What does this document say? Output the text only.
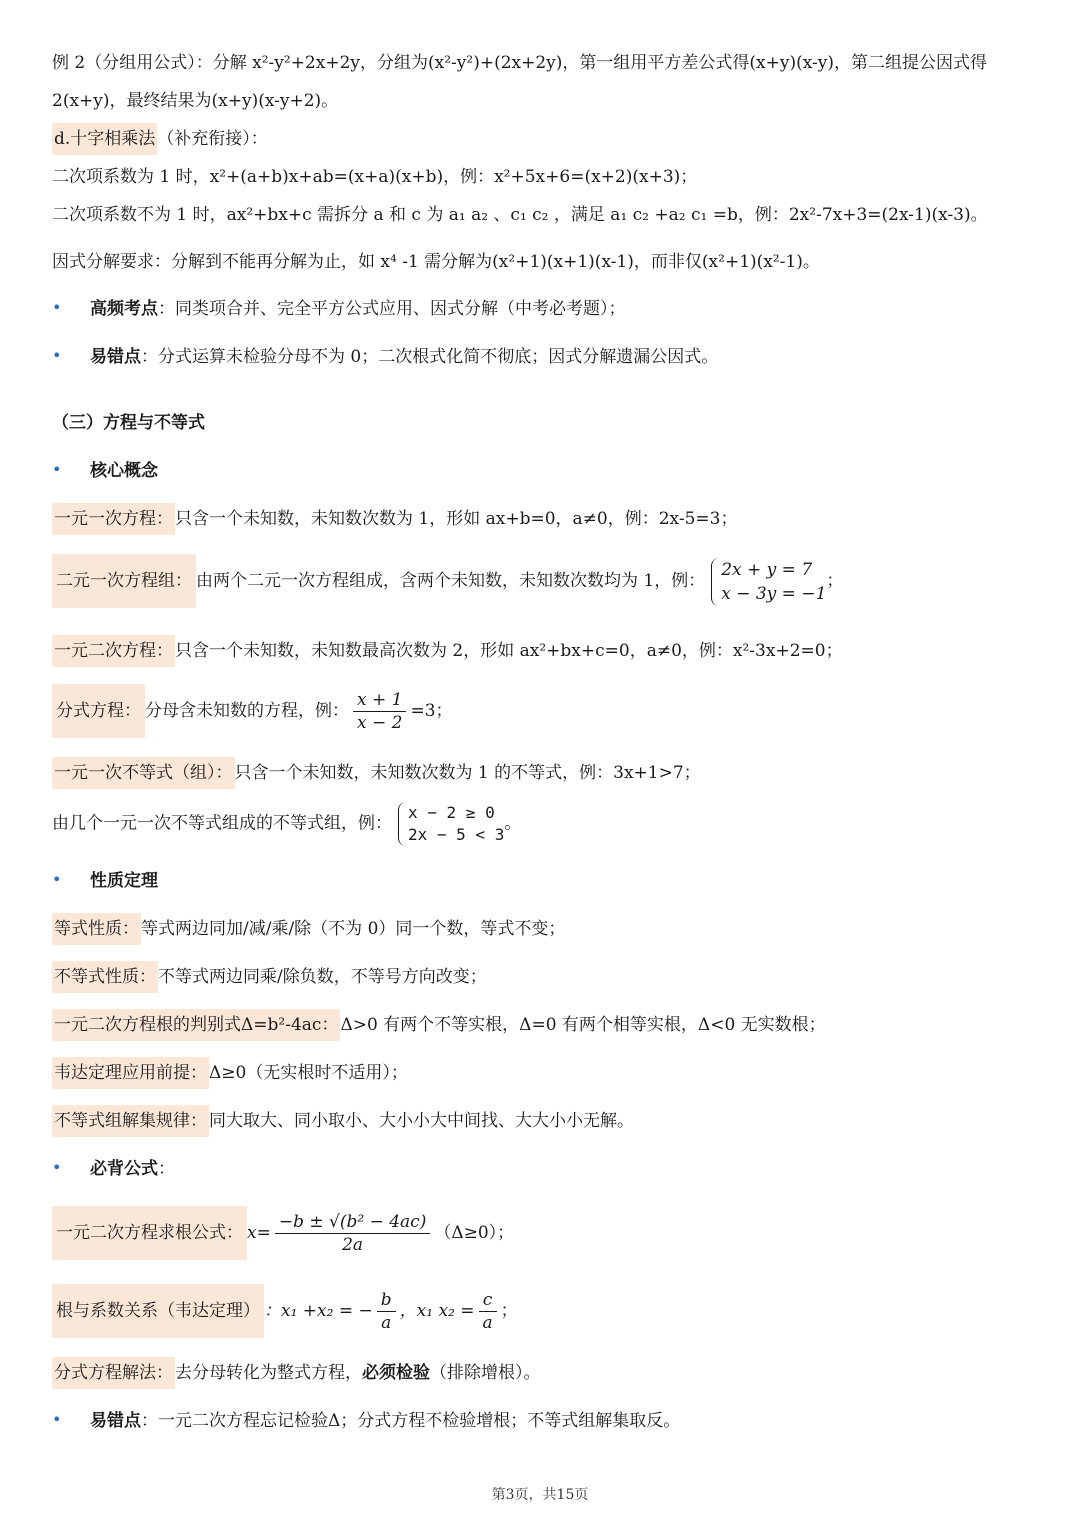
例 2（分组用公式）：分解 x²-y²+2x+2y，分组为(x²-y²)+(2x+2y)，第一组用平方差公式得(x+y)(x-y)，第二组提公因式得
2(x+y)，最终结果为(x+y)(x-y+2)。
d.十字相乘法 （补充衔接）：
二次项系数为 1 时，x²+(a+b)x+ab=(x+a)(x+b)，例：x²+5x+6=(x+2)(x+3)；
二次项系数不为 1 时，ax²+bx+c 需拆分 a 和 c 为 a₁ a₂ 、c₁ c₂ ，满足 a₁ c₂ +a₂ c₁ =b，例：2x²-7x+3=(2x-1)(x-3)。
因式分解要求：分解到不能再分解为止，如 x⁴ -1 需分解为(x²+1)(x+1)(x-1)，而非仅(x²+1)(x²-1)。
• 高频考点：同类项合并、完全平方公式应用、因式分解（中考必考题）；
• 易错点：分式运算未检验分母不为 0；二次根式化简不彻底；因式分解遗漏公因式。
（三）方程与不等式
• 核心概念
一元一次方程： 只含一个未知数，未知数次数为 1，形如 ax+b=0，a≠0，例：2x-5=3；
二元一次方程组： 由两个二元一次方程组成，含两个未知数，未知数次数均为 1，例：
2x + y = 7
x − 3y = −1
；
一元二次方程： 只含一个未知数，未知数最高次数为 2，形如 ax²+bx+c=0，a≠0，例：x²-3x+2=0；
分式方程： 分母含未知数的方程，例： $\frac{x + 1}{x - 2} =3$；
一元一次不等式（组）： 只含一个未知数，未知数次数为 1 的不等式，例：3x+1>7；
由几个一元一次不等式组成的不等式组，例：
x − 2 ≥ 0
2x − 5 < 3
。
• 性质定理
等式性质： 等式两边同加/减/乘/除（不为 0）同一个数，等式不变；
不等式性质： 不等式两边同乘/除负数，不等号方向改变；
一元二次方程根的判别式Δ=b²-4ac： Δ>0 有两个不等实根，Δ=0 有两个相等实根，Δ<0 无实数根；
韦达定理应用前提： Δ≥0（无实根时不适用）；
不等式组解集规律： 同大取大、同小取小、大小小大中间找、大大小小无解。
• 必背公式：
一元二次方程求根公式： $x= \frac{\text{−b ± √(b² − 4ac)}}{2a} (\Delta\ge 0)$；
根与系数关系（韦达定理） ：x₁ +x₂ = − $\frac{b}{a}$ ，x₁ $x_2 = \frac{c}{a}$ ；
分式方程解法： 去分母转化为整式方程，必须检验（排除增根）。
• 易错点：一元二次方程忘记检验Δ；分式方程不检验增根；不等式组解集取反。
第3页，共15页
